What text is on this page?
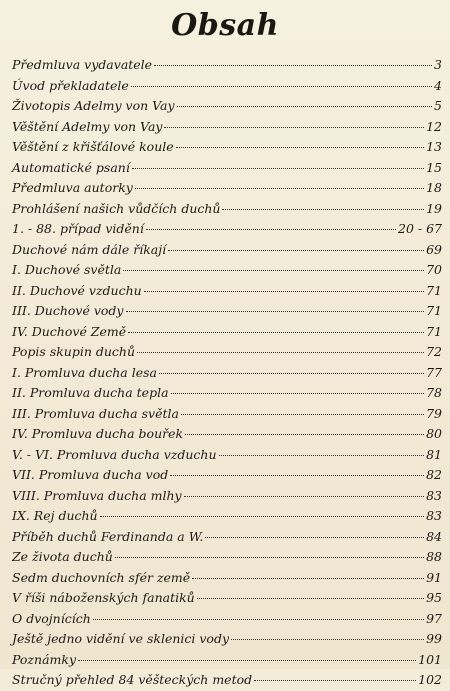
Obsah
Předmluva vydavatele	3
Úvod překladatele	4
Životopis Adelmy von Vay	5
Věštění Adelmy von Vay	12
Věštění z křišťálové koule	13
Automatické psaní	15
Předmluva autorky	18
Prohlášení našich vůdčích duchů	19
1. - 88. případ vidění	20 - 67
Duchové nám dále říkají	69
I. Duchové světla	70
II. Duchové vzduchu	71
III. Duchové vody	71
IV. Duchové Země	71
Popis skupin duchů	72
I. Promluva ducha lesa	77
II. Promluva ducha tepla	78
III. Promluva ducha světla	79
IV. Promluva ducha bouřek	80
V. - VI. Promluva ducha vzduchu	81
VII. Promluva ducha vod	82
VIII. Promluva ducha mlhy	83
IX. Rej duchů	83
Příběh duchů Ferdinanda a W.	84
Ze života duchů	88
Sedm duchovních sfér země	91
V říši náboženských fanatiků	95
O dvojnících	97
Ještě jedno vidění ve sklenici vody	99
Poznámky	101
Stručný přehled 84 věšteckých metod	102
